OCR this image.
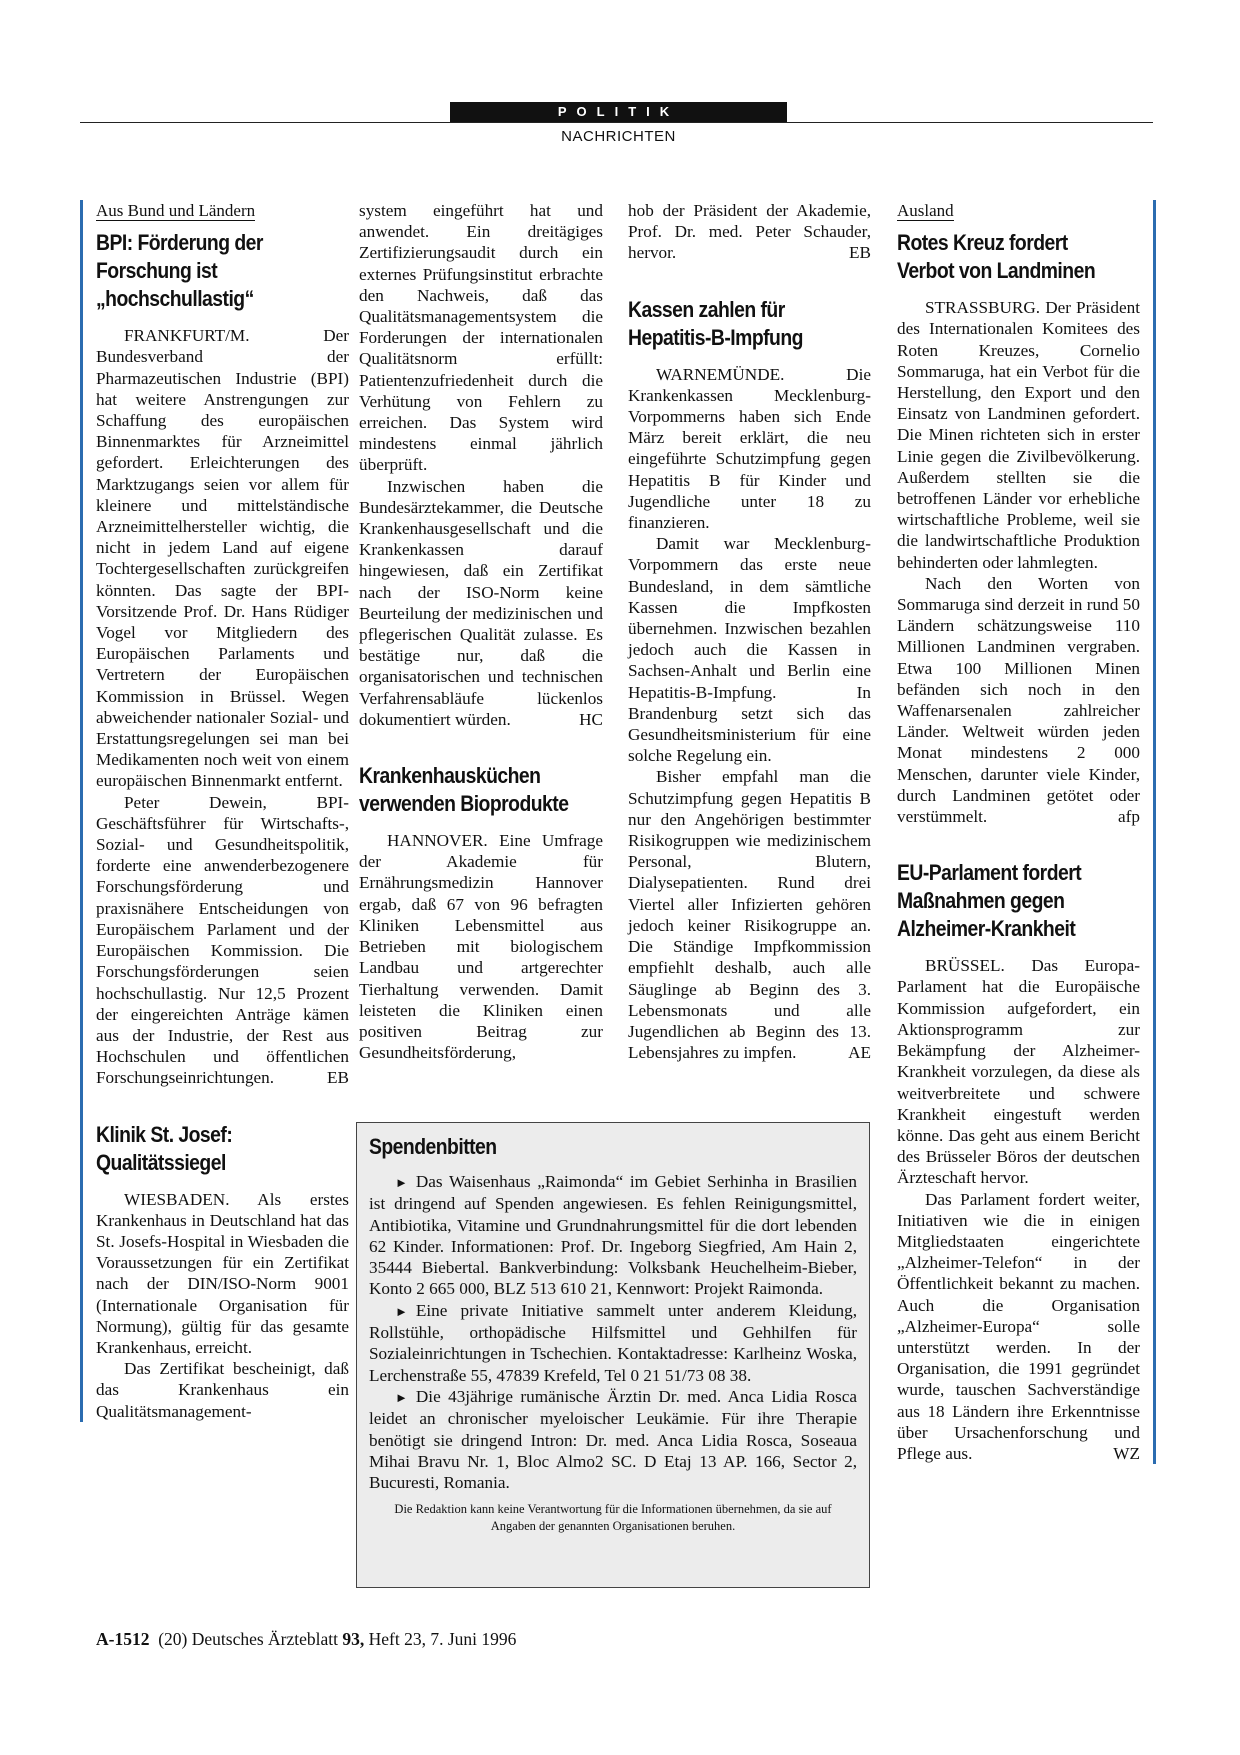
POLITIK
NACHRICHTEN
Aus Bund und Ländern
BPI: Förderung der
Forschung ist
„hochschullastig“

FRANKFURT/M.	Der Bundesverband der Pharmazeutischen Industrie (BPI) hat weitere Anstrengungen zur Schaffung des europäischen Binnenmarktes für Arzneimittel gefordert. Erleichterungen des Marktzugangs seien vor allem für kleinere und mittelständische Arzneimittelhersteller wichtig, die nicht in jedem Land auf eigene Tochtergesellschaften zurückgreifen könnten. Das sagte der BPI-Vorsitzende Prof. Dr. Hans Rüdiger Vogel vor Mitgliedern des Europäischen Parlaments und Vertretern der Europäischen Kommission in Brüssel. Wegen abweichender nationaler Sozial- und Erstattungsregelungen sei man bei Medikamenten noch weit von einem europäischen Binnenmarkt entfernt.

Peter Dewein, BPI-Geschäftsführer für Wirtschafts-, Sozial- und Gesundheitspolitik, forderte eine anwenderbezogenere Forschungsförderung und praxisnähere Entscheidungen von Europäischem Parlament und der Europäischen Kommission. Die Forschungsförderungen seien hochschullastig. Nur 12,5 Prozent der eingereichten Anträge kämen aus der Industrie, der Rest aus Hochschulen und öffentlichen Forschungseinrichtungen.	EB

Klinik St. Josef:
Qualitätssiegel

WIESBADEN. Als erstes Krankenhaus in Deutschland hat das St. Josefs-Hospital in Wiesbaden die Voraussetzungen für ein Zertifikat nach der DIN/ISO-Norm 9001 (Internationale Organisation für Normung), gültig für das gesamte Krankenhaus, erreicht.

Das Zertifikat bescheinigt, daß das Krankenhaus ein Qualitätsmanagement-

system eingeführt hat und anwendet. Ein dreitägiges Zertifizierungsaudit durch ein externes Prüfungsinstitut erbrachte den Nachweis, daß das Qualitätsmanagementsystem die Forderungen der internationalen Qualitätsnorm erfüllt: Patientenzufriedenheit durch die Verhütung von Fehlern zu erreichen. Das System wird mindestens einmal jährlich überprüft.

Inzwischen haben die Bundesärztekammer, die Deutsche Krankenhausgesellschaft und die Krankenkassen darauf hingewiesen, daß ein Zertifikat nach der ISO-Norm keine Beurteilung der medizinischen und pflegerischen Qualität zulasse. Es bestätige nur, daß die organisatorischen und technischen Verfahrensabläufe lückenlos dokumentiert würden.	HC

Krankenhausküchen
verwenden Bioprodukte

HANNOVER. Eine Umfrage der Akademie für Ernährungsmedizin Hannover ergab, daß 67 von 96 befragten Kliniken Lebensmittel aus Betrieben mit biologischem Landbau und artgerechter Tierhaltung verwenden. Damit leisteten die Kliniken einen positiven Beitrag zur Gesundheitsförderung,

hob der Präsident der Akademie, Prof. Dr. med. Peter Schauder, hervor.	EB

Kassen zahlen für
Hepatitis-B-Impfung

WARNEMÜNDE.	Die Krankenkassen Mecklenburg-Vorpommerns haben sich Ende März bereit erklärt, die neu eingeführte Schutzimpfung gegen Hepatitis B für Kinder und Jugendliche unter 18 zu finanzieren.

Damit war Mecklenburg-Vorpommern das erste neue Bundesland, in dem sämtliche Kassen die Impfkosten übernehmen. Inzwischen bezahlen jedoch auch die Kassen in Sachsen-Anhalt und Berlin eine Hepatitis-B-Impfung. In Brandenburg setzt sich das Gesundheitsministerium für eine solche Regelung ein.

Bisher empfahl man die Schutzimpfung gegen Hepatitis B nur den Angehörigen bestimmter Risikogruppen wie medizinischem Personal, Blutern, Dialysepatienten. Rund drei Viertel aller Infizierten gehören jedoch keiner Risikogruppe an. Die Ständige Impfkommission empfiehlt deshalb, auch alle Säuglinge ab Beginn des 3. Lebensmonats und alle Jugendlichen ab Beginn des 13. Lebensjahres zu impfen.	AE

Ausland
Rotes Kreuz fordert
Verbot von Landminen

STRASSBURG. Der Präsident des Internationalen Komitees des Roten Kreuzes, Cornelio Sommaruga, hat ein Verbot für die Herstellung, den Export und den Einsatz von Landminen gefordert. Die Minen richteten sich in erster Linie gegen die Zivilbevölkerung. Außerdem stellten sie die betroffenen Länder vor erhebliche wirtschaftliche Probleme, weil sie die landwirtschaftliche Produktion behinderten oder lahmlegten.

Nach den Worten von Sommaruga sind derzeit in rund 50 Ländern schätzungsweise 110 Millionen Landminen vergraben. Etwa 100 Millionen Minen befänden sich noch in den Waffenarsenalen zahlreicher Länder. Weltweit würden jeden Monat mindestens 2 000 Menschen, darunter viele Kinder, durch Landminen getötet oder verstümmelt.	afp

EU-Parlament fordert
Maßnahmen gegen
Alzheimer-Krankheit

BRÜSSEL. Das Europa-Parlament hat die Europäische Kommission aufgefordert, ein Aktionsprogramm zur Bekämpfung der Alzheimer-Krankheit vorzulegen, da diese als weitverbreitete und schwere Krankheit eingestuft werden könne. Das geht aus einem Bericht des Brüsseler Böros der deutschen Ärzteschaft hervor.

Das Parlament fordert weiter, Initiativen wie die in einigen Mitgliedstaaten eingerichtete „Alzheimer-Telefon“ in der Öffentlichkeit bekannt zu machen. Auch die Organisation „Alzheimer-Europa“ solle unterstützt werden. In der Organisation, die 1991 gegründet wurde, tauschen Sachverständige aus 18 Ländern ihre Erkenntnisse über Ursachenforschung und Pflege aus.	WZ

Spendenbitten

► Das Waisenhaus „Raimonda“ im Gebiet Serhinha in Brasilien ist dringend auf Spenden angewiesen. Es fehlen Reinigungsmittel, Antibiotika, Vitamine und Grundnahrungsmittel für die dort lebenden 62 Kinder. Informationen: Prof. Dr. Ingeborg Siegfried, Am Hain 2, 35444 Biebertal. Bankverbindung: Volksbank Heuchelheim-Bieber, Konto 2 665 000, BLZ 513 610 21, Kennwort: Projekt Raimonda.

► Eine private Initiative sammelt unter anderem Kleidung, Rollstühle, orthopädische Hilfsmittel und Gehhilfen für Sozialeinrichtungen in Tschechien. Kontaktadresse: Karlheinz Woska, Lerchenstraße 55, 47839 Krefeld, Tel 0 21 51/73 08 38.

► Die 43jährige rumänische Ärztin Dr. med. Anca Lidia Rosca leidet an chronischer myeloischer Leukämie. Für ihre Therapie benötigt sie dringend Intron: Dr. med. Anca Lidia Rosca, Soseaua Mihai Bravu Nr. 1, Bloc Almo2 SC. D Etaj 13 AP. 166, Sector 2, Bucuresti, Romania.

Die Redaktion kann keine Verantwortung für die Informationen übernehmen, da sie auf Angaben der genannten Organisationen beruhen.

A-1512 (20) Deutsches Ärzteblatt 93, Heft 23, 7. Juni 1996
